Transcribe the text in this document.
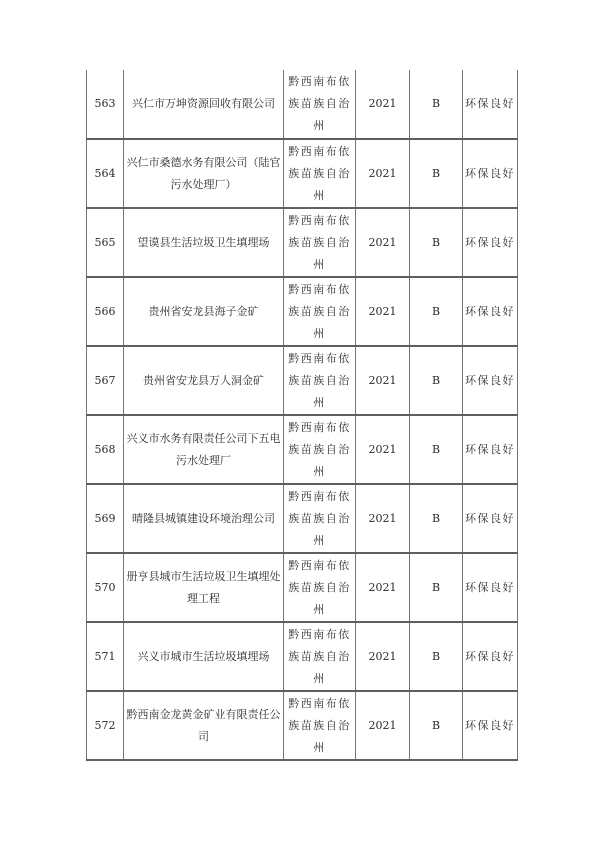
563	兴仁市万坤资源回收有限公司	黔西南布依族苗族自治州	2021	B	环保良好
564	兴仁市桑德水务有限公司（陆官污水处理厂）	黔西南布依族苗族自治州	2021	B	环保良好
565	望谟县生活垃圾卫生填埋场	黔西南布依族苗族自治州	2021	B	环保良好
566	贵州省安龙县海子金矿	黔西南布依族苗族自治州	2021	B	环保良好
567	贵州省安龙县万人洞金矿	黔西南布依族苗族自治州	2021	B	环保良好
568	兴义市水务有限责任公司下五电污水处理厂	黔西南布依族苗族自治州	2021	B	环保良好
569	晴隆县城镇建设环境治理公司	黔西南布依族苗族自治州	2021	B	环保良好
570	册亨县城市生活垃圾卫生填埋处理工程	黔西南布依族苗族自治州	2021	B	环保良好
571	兴义市城市生活垃圾填埋场	黔西南布依族苗族自治州	2021	B	环保良好
572	黔西南金龙黄金矿业有限责任公司	黔西南布依族苗族自治州	2021	B	环保良好
